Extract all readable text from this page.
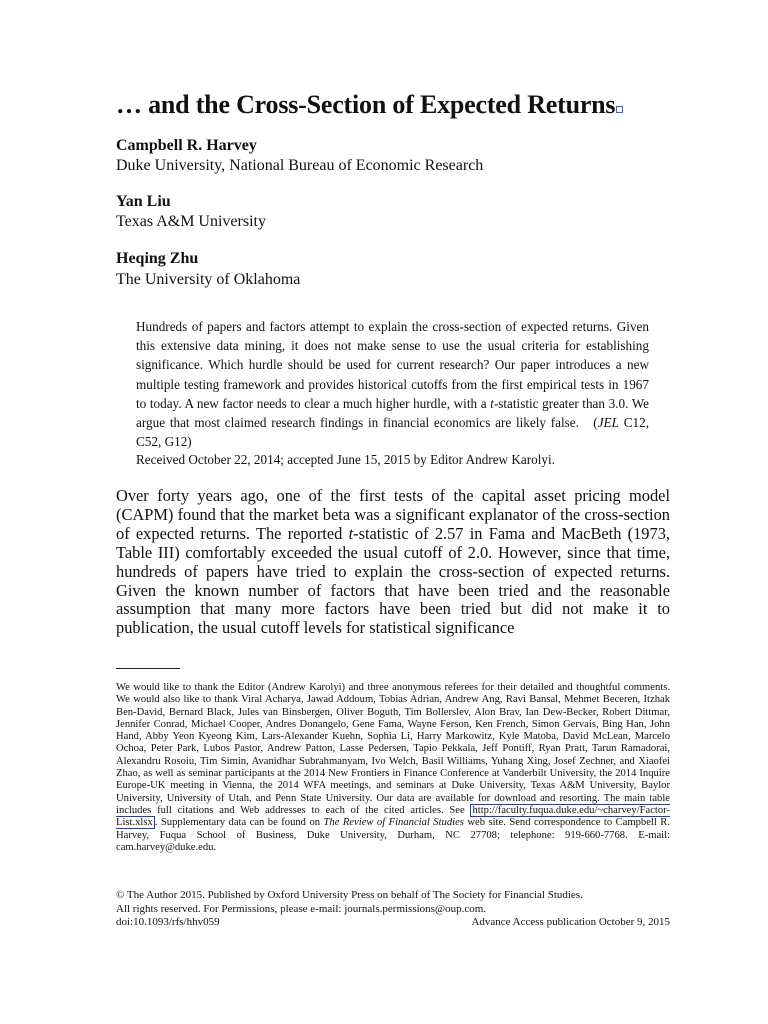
… and the Cross-Section of Expected Returns
Campbell R. Harvey
Duke University, National Bureau of Economic Research
Yan Liu
Texas A&M University
Heqing Zhu
The University of Oklahoma
Hundreds of papers and factors attempt to explain the cross-section of expected returns. Given this extensive data mining, it does not make sense to use the usual criteria for establishing significance. Which hurdle should be used for current research? Our paper introduces a new multiple testing framework and provides historical cutoffs from the first empirical tests in 1967 to today. A new factor needs to clear a much higher hurdle, with a t-statistic greater than 3.0. We argue that most claimed research findings in financial economics are likely false. (JEL C12, C52, G12)
Received October 22, 2014; accepted June 15, 2015 by Editor Andrew Karolyi.
Over forty years ago, one of the first tests of the capital asset pricing model (CAPM) found that the market beta was a significant explanator of the cross-section of expected returns. The reported t-statistic of 2.57 in Fama and MacBeth (1973, Table III) comfortably exceeded the usual cutoff of 2.0. However, since that time, hundreds of papers have tried to explain the cross-section of expected returns. Given the known number of factors that have been tried and the reasonable assumption that many more factors have been tried but did not make it to publication, the usual cutoff levels for statistical significance
We would like to thank the Editor (Andrew Karolyi) and three anonymous referees for their detailed and thoughtful comments. We would also like to thank Viral Acharya, Jawad Addoum, Tobias Adrian, Andrew Ang, Ravi Bansal, Mehmet Beceren, Itzhak Ben-David, Bernard Black, Jules van Binsbergen, Oliver Boguth, Tim Bollerslev, Alon Brav, Ian Dew-Becker, Robert Dittmar, Jennifer Conrad, Michael Cooper, Andres Donangelo, Gene Fama, Wayne Ferson, Ken French, Simon Gervais, Bing Han, John Hand, Abby Yeon Kyeong Kim, Lars-Alexander Kuehn, Sophia Li, Harry Markowitz, Kyle Matoba, David McLean, Marcelo Ochoa, Peter Park, Lubos Pastor, Andrew Patton, Lasse Pedersen, Tapio Pekkala, Jeff Pontiff, Ryan Pratt, Tarun Ramadorai, Alexandru Rosoiu, Tim Simin, Avanidhar Subrahmanyam, Ivo Welch, Basil Williams, Yuhang Xing, Josef Zechner, and Xiaofei Zhao, as well as seminar participants at the 2014 New Frontiers in Finance Conference at Vanderbilt University, the 2014 Inquire Europe-UK meeting in Vienna, the 2014 WFA meetings, and seminars at Duke University, Texas A&M University, Baylor University, University of Utah, and Penn State University. Our data are available for download and resorting. The main table includes full citations and Web addresses to each of the cited articles. See http://faculty.fuqua.duke.edu/~charvey/Factor-List.xlsx . Supplementary data can be found on The Review of Financial Studies web site. Send correspondence to Campbell R. Harvey, Fuqua School of Business, Duke University, Durham, NC 27708; telephone: 919-660-7768. E-mail: cam.harvey@duke.edu.
© The Author 2015. Published by Oxford University Press on behalf of The Society for Financial Studies.
All rights reserved. For Permissions, please e-mail: journals.permissions@oup.com.
doi:10.1093/rfs/hhv059	Advance Access publication October 9, 2015
